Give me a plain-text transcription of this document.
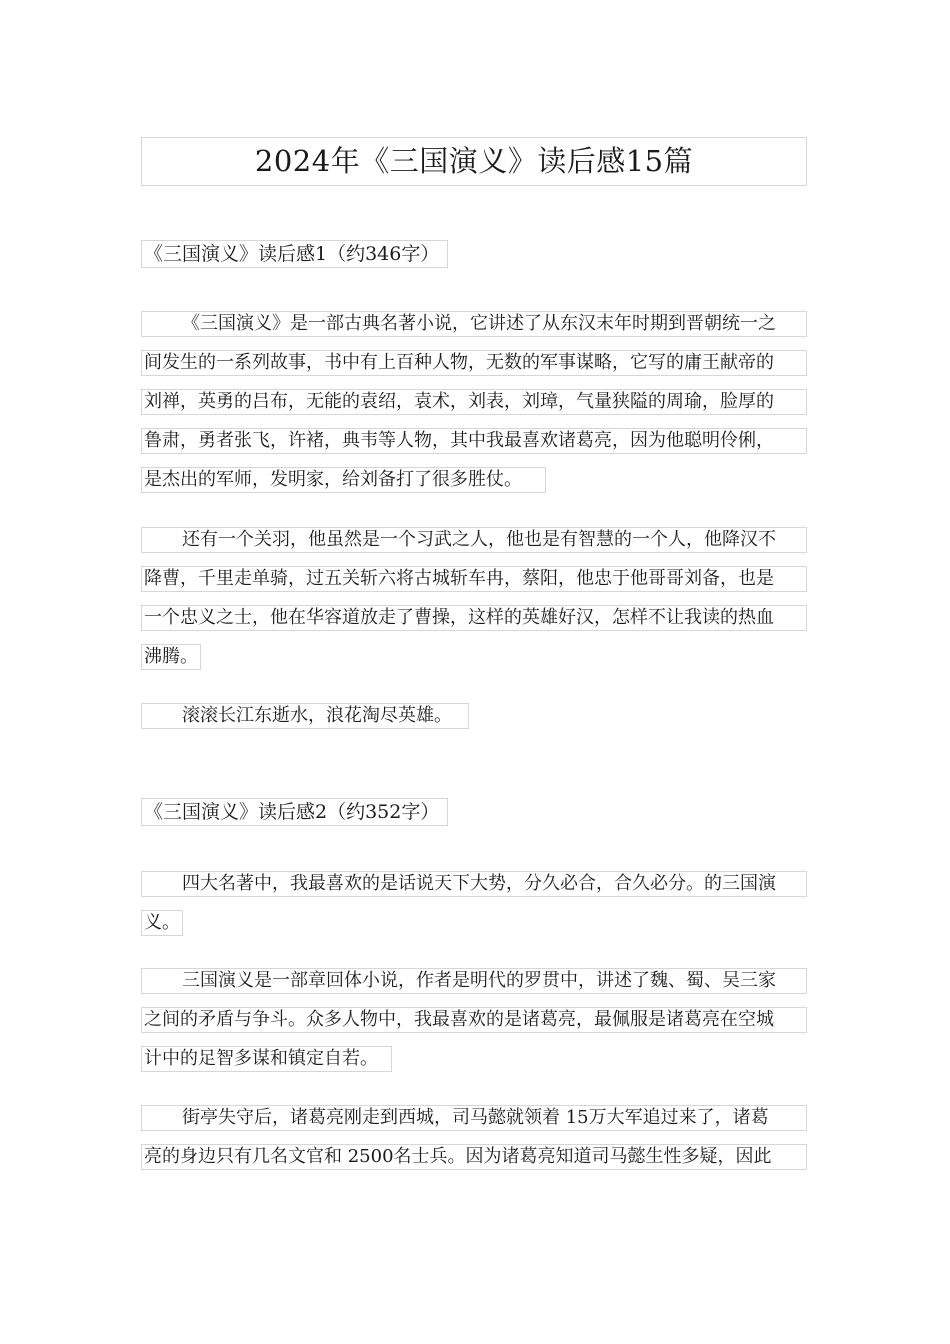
2024年《三国演义》读后感15篇
《三国演义》读后感1（约346字）
《三国演义》是一部古典名著小说，它讲述了从东汉末年时期到晋朝统一之
间发生的一系列故事，书中有上百种人物，无数的军事谋略，它写的庸王献帝的
刘禅，英勇的吕布，无能的袁绍，袁术，刘表，刘璋，气量狭隘的周瑜，脸厚的
鲁肃，勇者张飞，许褚，典韦等人物，其中我最喜欢诸葛亮，因为他聪明伶俐，
是杰出的军师，发明家，给刘备打了很多胜仗。
还有一个关羽，他虽然是一个习武之人，他也是有智慧的一个人，他降汉不
降曹，千里走单骑，过五关斩六将古城斩车冉，蔡阳，他忠于他哥哥刘备，也是
一个忠义之士，他在华容道放走了曹操，这样的英雄好汉，怎样不让我读的热血
沸腾。
滚滚长江东逝水，浪花淘尽英雄。
《三国演义》读后感2（约352字）
四大名著中，我最喜欢的是话说天下大势，分久必合，合久必分。的三国演
义。
三国演义是一部章回体小说，作者是明代的罗贯中，讲述了魏、蜀、吴三家
之间的矛盾与争斗。众多人物中，我最喜欢的是诸葛亮，最佩服是诸葛亮在空城
计中的足智多谋和镇定自若。
街亭失守后，诸葛亮刚走到西城，司马懿就领着 15万大军追过来了，诸葛
亮的身边只有几名文官和 2500名士兵。因为诸葛亮知道司马懿生性多疑，因此
